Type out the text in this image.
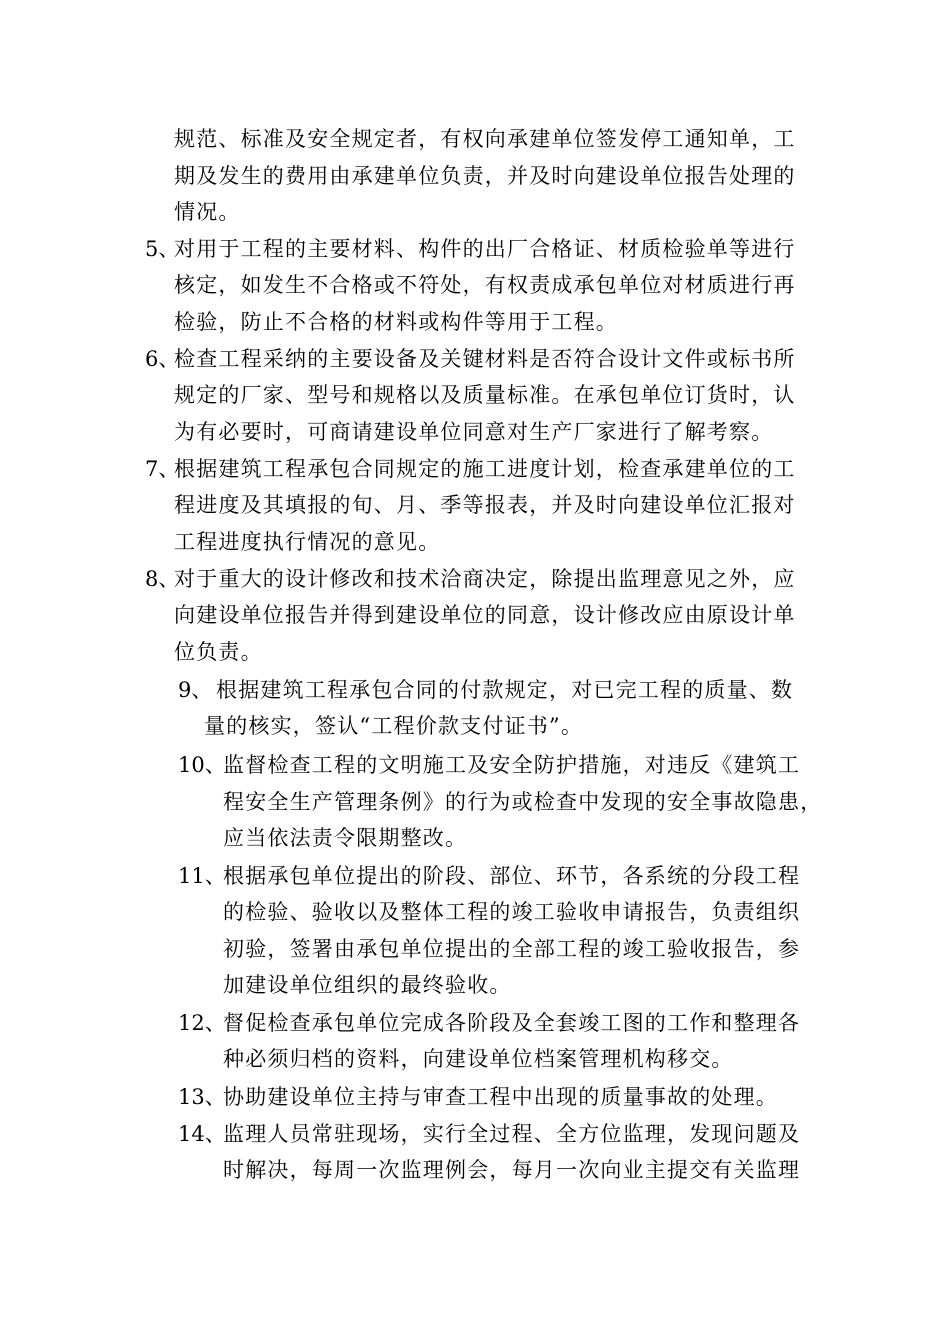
规范、标准及安全规定者，有权向承建单位签发停工通知单，工
期及发生的费用由承建单位负责，并及时向建设单位报告处理的
情况。
5、
对用于工程的主要材料、构件的出厂合格证、材质检验单等进行
核定，如发生不合格或不符处，有权责成承包单位对材质进行再
检验，防止不合格的材料或构件等用于工程。
6、
检查工程采纳的主要设备及关键材料是否符合设计文件或标书所
规定的厂家、型号和规格以及质量标准。在承包单位订货时，认
为有必要时，可商请建设单位同意对生产厂家进行了解考察。
7、
根据建筑工程承包合同规定的施工进度计划，检查承建单位的工
程进度及其填报的旬、月、季等报表，并及时向建设单位汇报对
工程进度执行情况的意见。
8、
对于重大的设计修改和技术洽商决定，除提出监理意见之外，应
向建设单位报告并得到建设单位的同意，设计修改应由原设计单
位负责。
9、 根据建筑工程承包合同的付款规定，对已完工程的质量、数
量的核实，签认“工程价款支付证书”。
10、
监督检查工程的文明施工及安全防护措施，对违反《建筑工
程安全生产管理条例》的行为或检查中发现的安全事故隐患，
应当依法责令限期整改。
11、
根据承包单位提出的阶段、部位、环节，各系统的分段工程
的检验、验收以及整体工程的竣工验收申请报告，负责组织
初验，签署由承包单位提出的全部工程的竣工验收报告，参
加建设单位组织的最终验收。
12、
督促检查承包单位完成各阶段及全套竣工图的工作和整理各
种必须归档的资料，向建设单位档案管理机构移交。
13、
协助建设单位主持与审查工程中出现的质量事故的处理。
14、
监理人员常驻现场，实行全过程、全方位监理，发现问题及
时解决，每周一次监理例会，每月一次向业主提交有关监理
